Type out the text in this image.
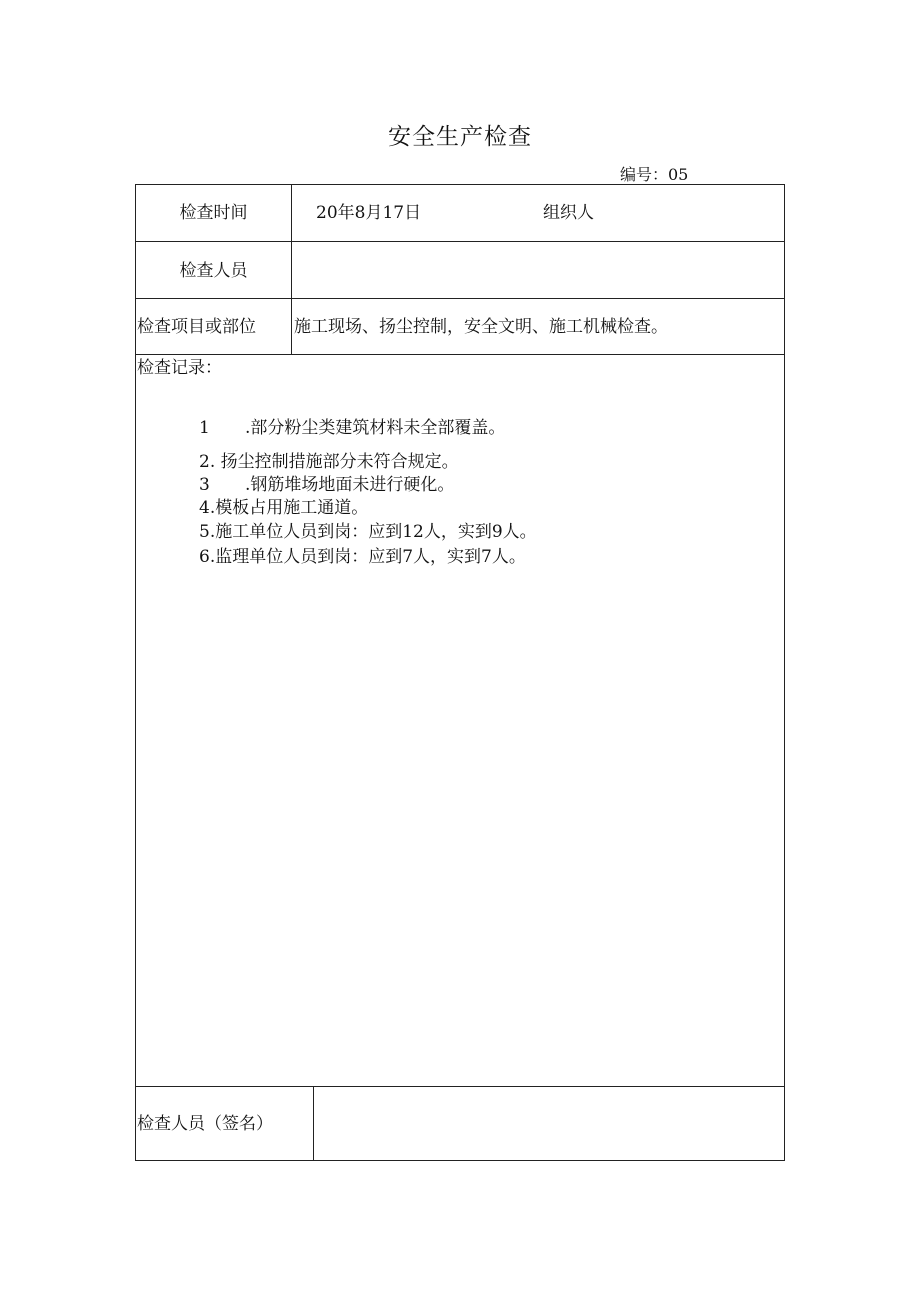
安全生产检查
编号：05
检查时间	20年8月17日	组织人
检查人员
检查项目或部位 施工现场、扬尘控制，安全文明、施工机械检查。
检查记录：
1 .部分粉尘类建筑材料未全部覆盖。
2. 扬尘控制措施部分未符合规定。
3 .钢筋堆场地面未进行硬化。
4.模板占用施工通道。
5.施工单位人员到岗：应到12人，实到9人。
6.监理单位人员到岗：应到7人，实到7人。
检查人员（签名）
